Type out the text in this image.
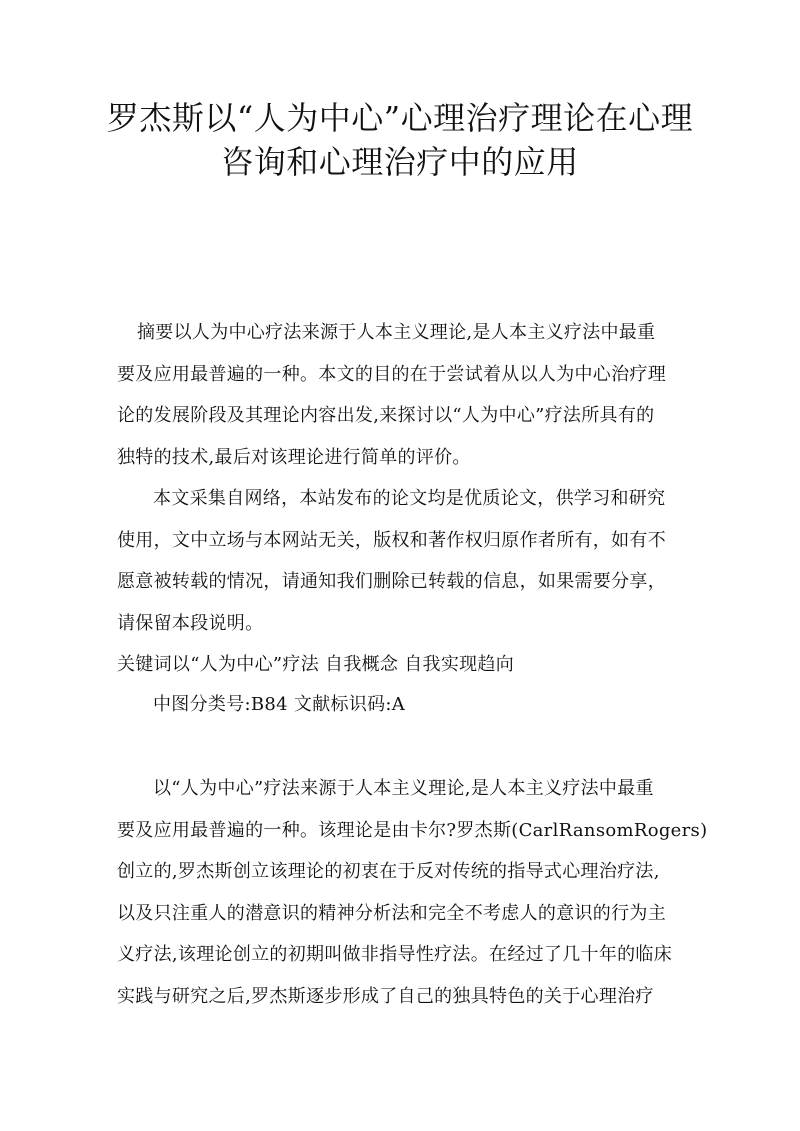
罗杰斯以“人为中心”心理治疗理论在心理
咨询和心理治疗中的应用
摘要以人为中心疗法来源于人本主义理论,是人本主义疗法中最重
要及应用最普遍的一种。本文的目的在于尝试着从以人为中心治疗理
论的发展阶段及其理论内容出发,来探讨以“人为中心”疗法所具有的
独特的技术,最后对该理论进行简单的评价。
本文采集自网络，本站发布的论文均是优质论文，供学习和研究
使用，文中立场与本网站无关，版权和著作权归原作者所有，如有不
愿意被转载的情况，请通知我们删除已转载的信息，如果需要分享，
请保留本段说明。
关键词以“人为中心”疗法 自我概念 自我实现趋向
中图分类号:B84 文献标识码:A
以“人为中心”疗法来源于人本主义理论,是人本主义疗法中最重
要及应用最普遍的一种。该理论是由卡尔?罗杰斯(CarlRansomRogers)
创立的,罗杰斯创立该理论的初衷在于反对传统的指导式心理治疗法,
以及只注重人的潜意识的精神分析法和完全不考虑人的意识的行为主
义疗法,该理论创立的初期叫做非指导性疗法。在经过了几十年的临床
实践与研究之后,罗杰斯逐步形成了自己的独具特色的关于心理治疗
